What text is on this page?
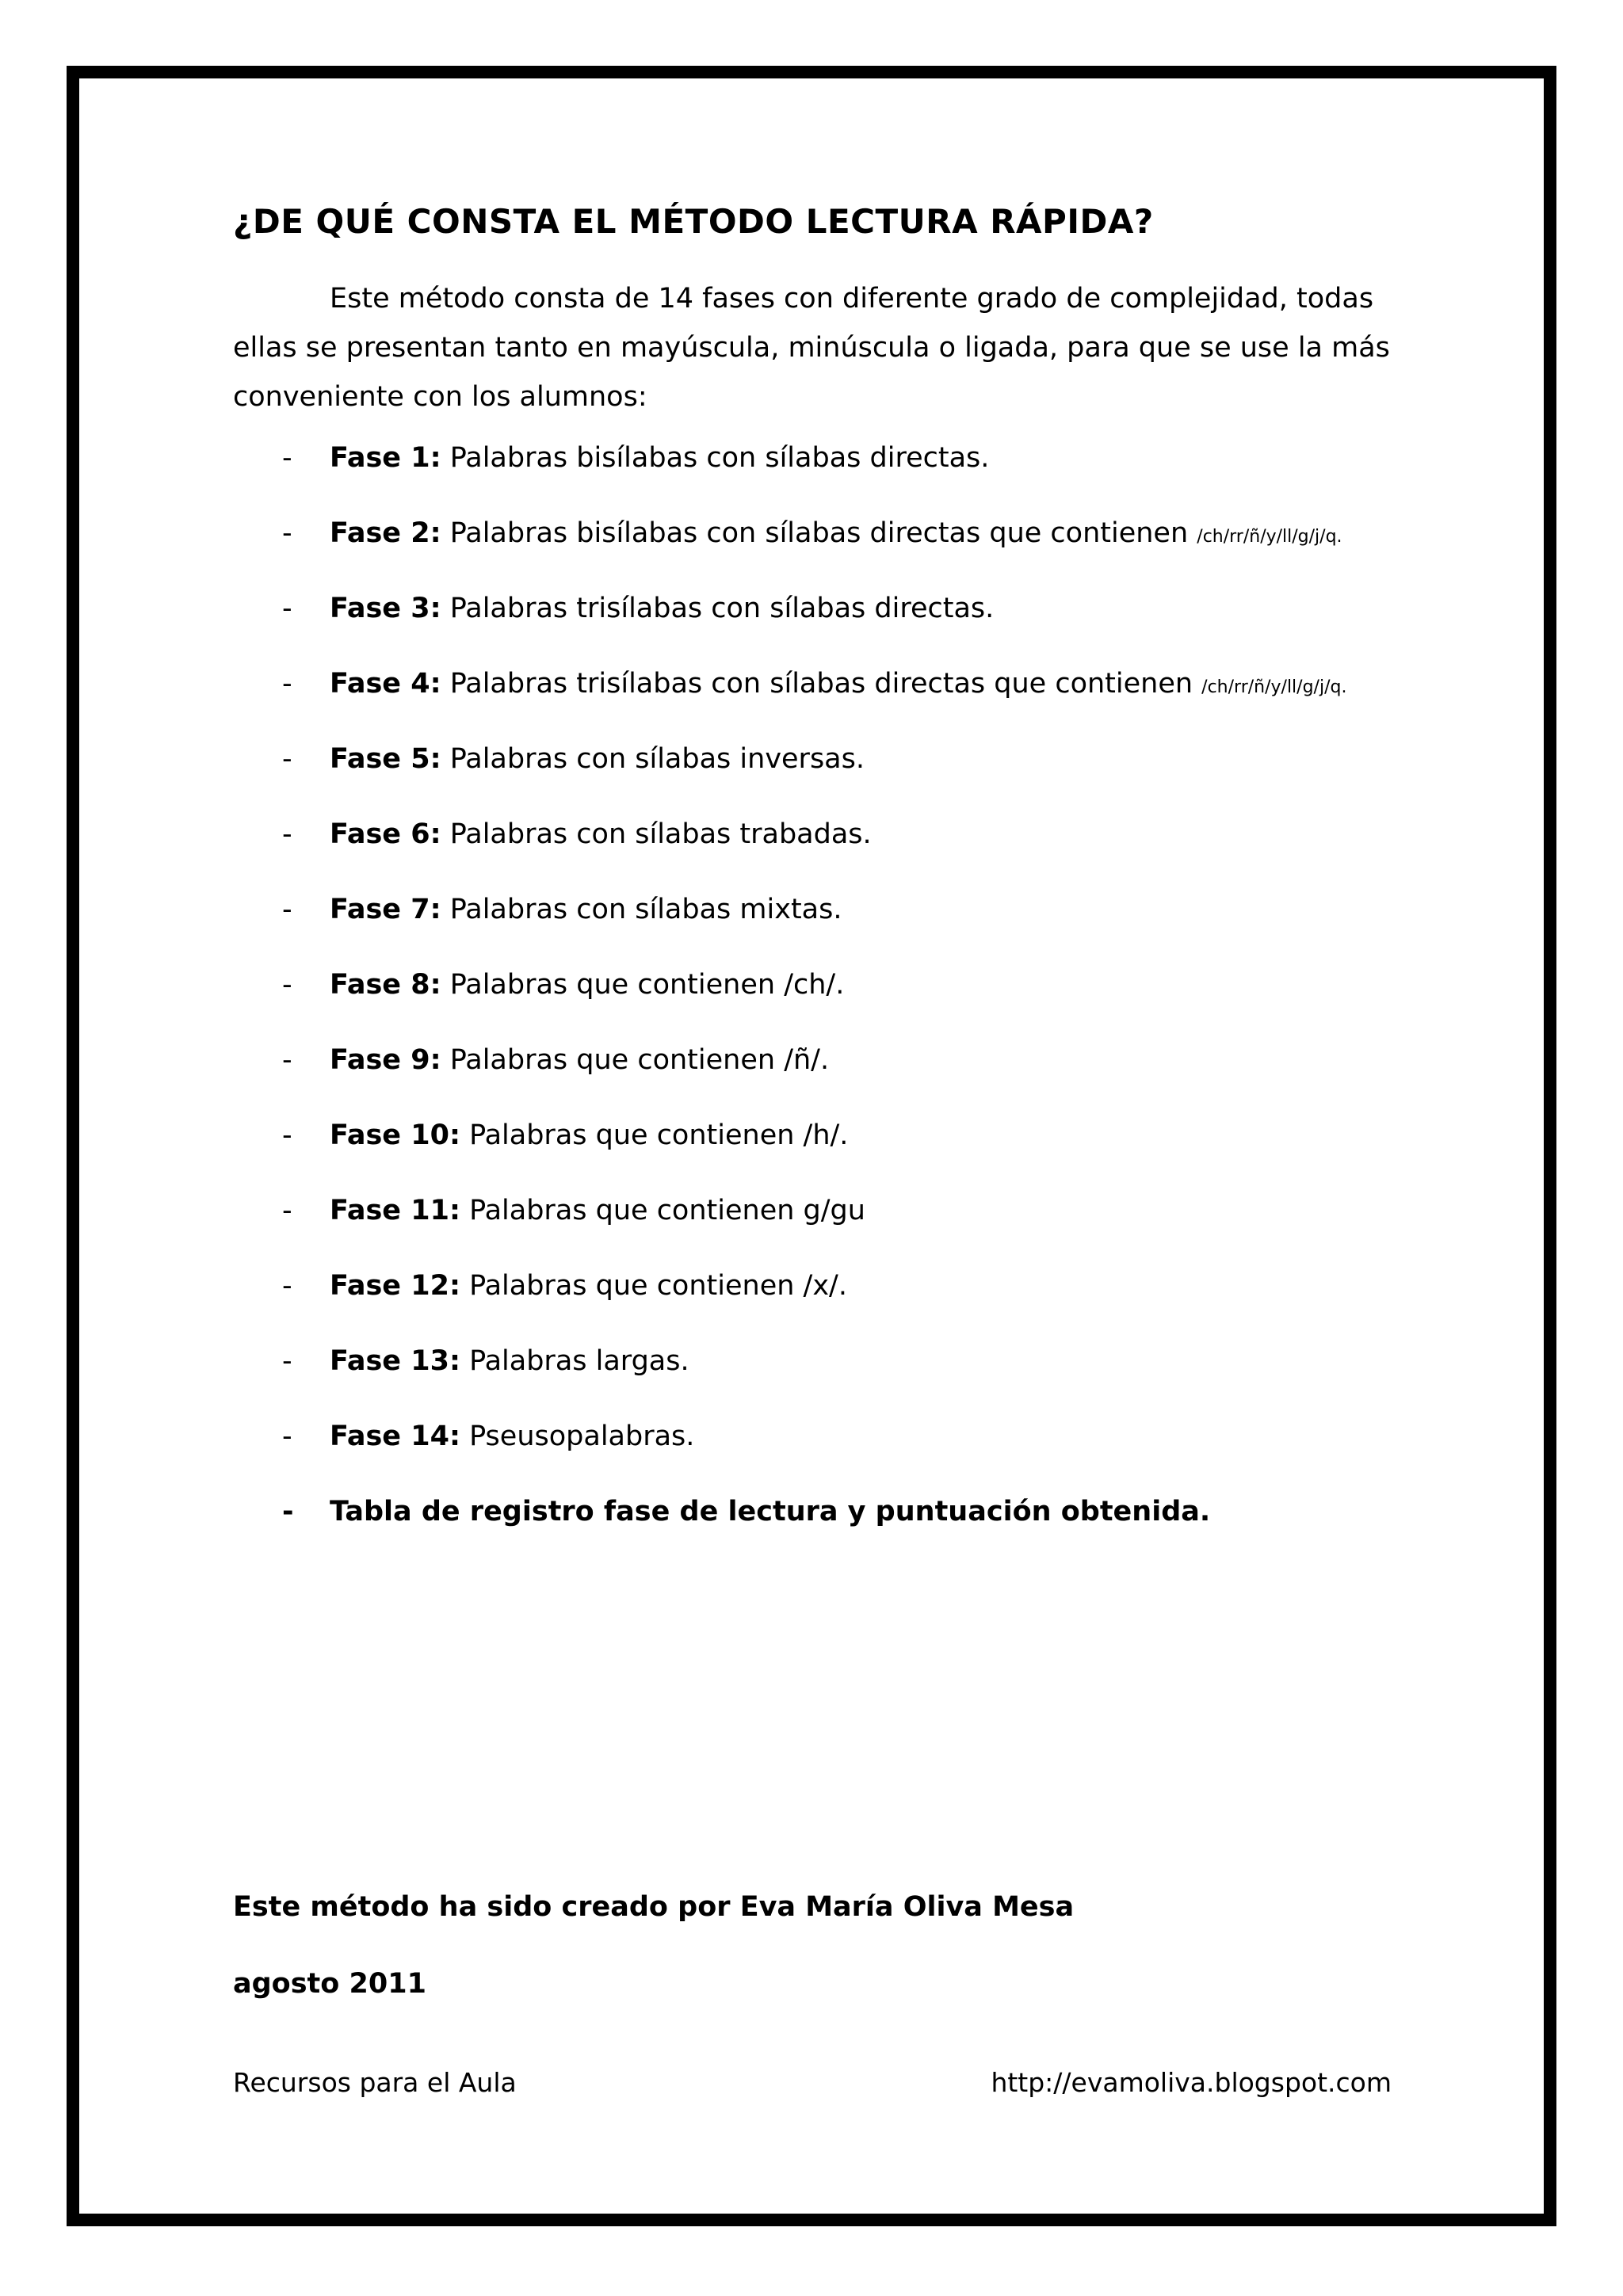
¿DE QUÉ CONSTA EL MÉTODO LECTURA RÁPIDA?

Este método consta de 14 fases con diferente grado de complejidad, todas ellas se presentan tanto en mayúscula, minúscula o ligada, para que se use la más conveniente con los alumnos:

- Fase 1: Palabras bisílabas con sílabas directas.
- Fase 2: Palabras bisílabas con sílabas directas que contienen /ch/rr/ñ/y/ll/g/j/q.
- Fase 3: Palabras trisílabas con sílabas directas.
- Fase 4: Palabras trisílabas con sílabas directas que contienen /ch/rr/ñ/y/ll/g/j/q.
- Fase 5: Palabras con sílabas inversas.
- Fase 6: Palabras con sílabas trabadas.
- Fase 7: Palabras con sílabas mixtas.
- Fase 8: Palabras que contienen /ch/.
- Fase 9: Palabras que contienen /ñ/.
- Fase 10: Palabras que contienen /h/.
- Fase 11: Palabras que contienen g/gu
- Fase 12: Palabras que contienen /x/.
- Fase 13: Palabras largas.
- Fase 14: Pseusopalabras.
- Tabla de registro fase de lectura y puntuación obtenida.
Este método ha sido creado por Eva María Oliva Mesa
agosto 2011
Recursos para el Aula	http://evamoliva.blogspot.com
